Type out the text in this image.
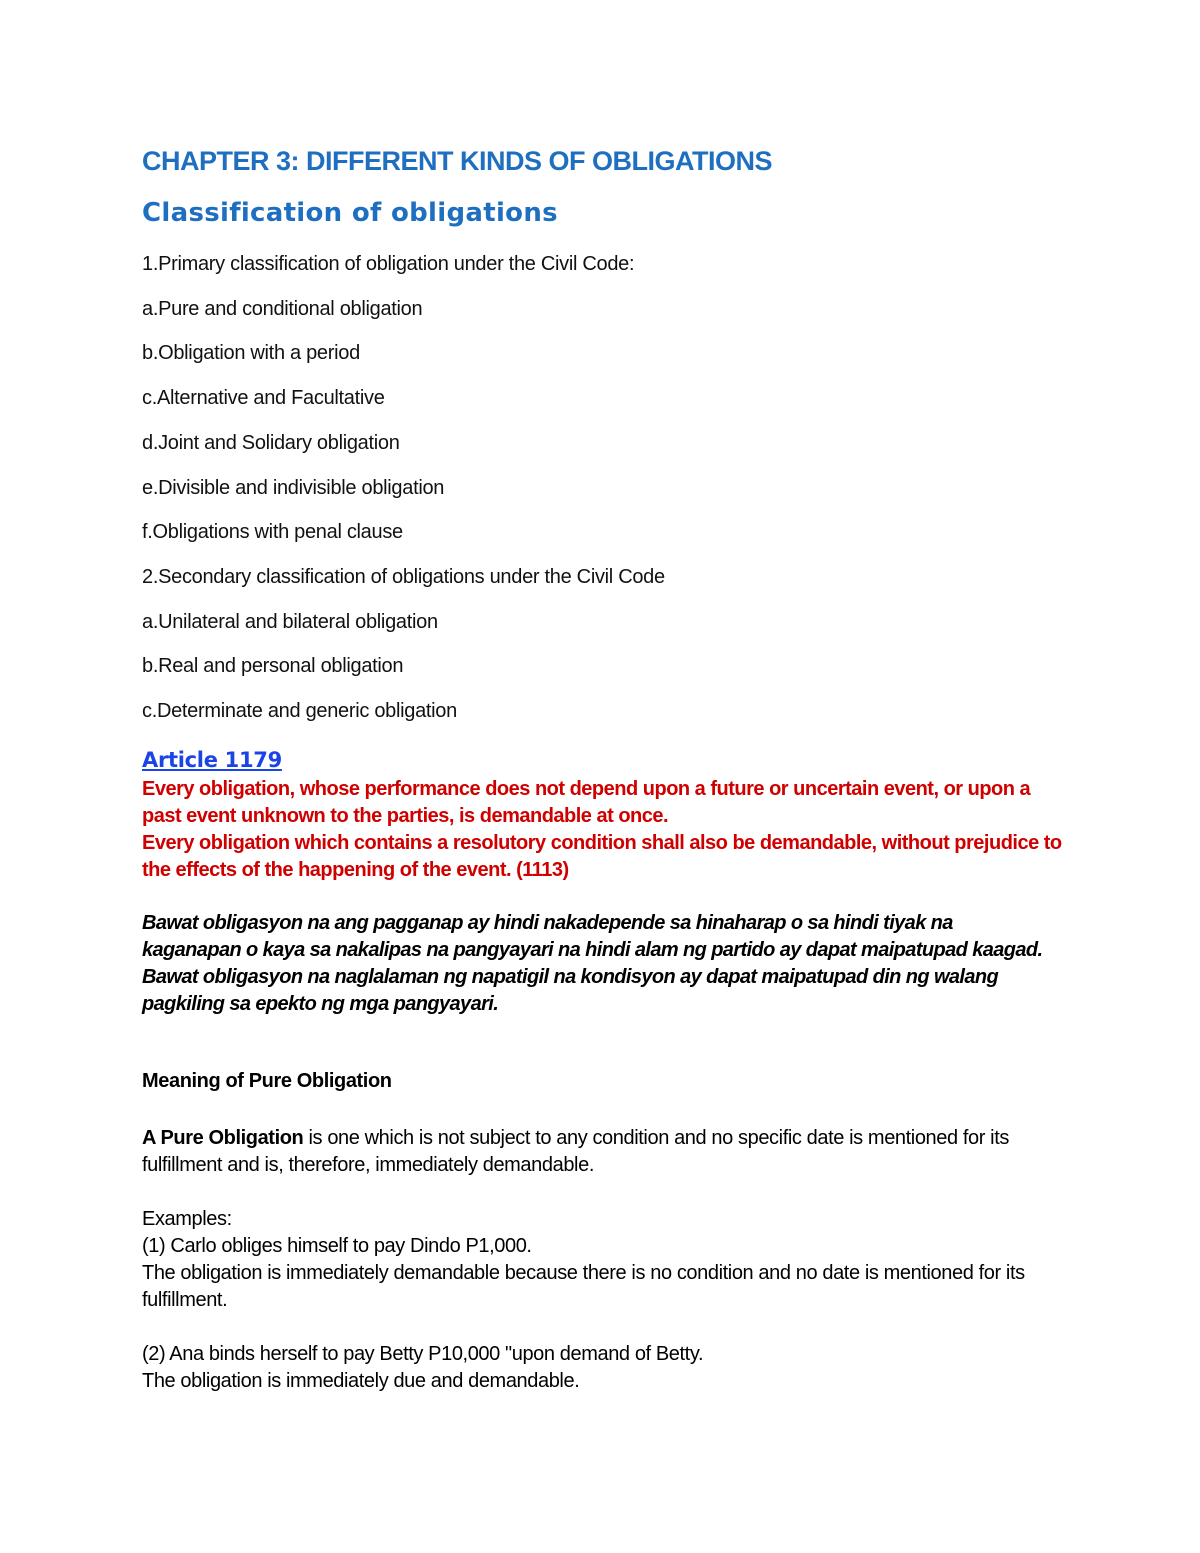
CHAPTER 3: DIFFERENT KINDS OF OBLIGATIONS
Classification of obligations

1.Primary classification of obligation under the Civil Code:

a.Pure and conditional obligation

b.Obligation with a period

c.Alternative and Facultative

d.Joint and Solidary obligation

e.Divisible and indivisible obligation

f.Obligations with penal clause

2.Secondary classification of obligations under the Civil Code

a.Unilateral and bilateral obligation

b.Real and personal obligation

c.Determinate and generic obligation

Article 1179

Every obligation, whose performance does not depend upon a future or uncertain event, or upon a past event unknown to the parties, is demandable at once.

Every obligation which contains a resolutory condition shall also be demandable, without prejudice to the effects of the happening of the event. (1113)

Bawat obligasyon na ang pagganap ay hindi nakadepende sa hinaharap o sa hindi tiyak na kaganapan o kaya sa nakalipas na pangyayari na hindi alam ng partido ay dapat maipatupad kaagad.

Bawat obligasyon na naglalaman ng napatigil na kondisyon ay dapat maipatupad din ng walang pagkiling sa epekto ng mga pangyayari.

Meaning of Pure Obligation

A Pure Obligation is one which is not subject to any condition and no specific date is mentioned for its fulfillment and is, therefore, immediately demandable.

Examples:
(1) Carlo obliges himself to pay Dindo P1,000.
The obligation is immediately demandable because there is no condition and no date is mentioned for its fulfillment.
(2) Ana binds herself to pay Betty P10,000 "upon demand of Betty.
The obligation is immediately due and demandable.
